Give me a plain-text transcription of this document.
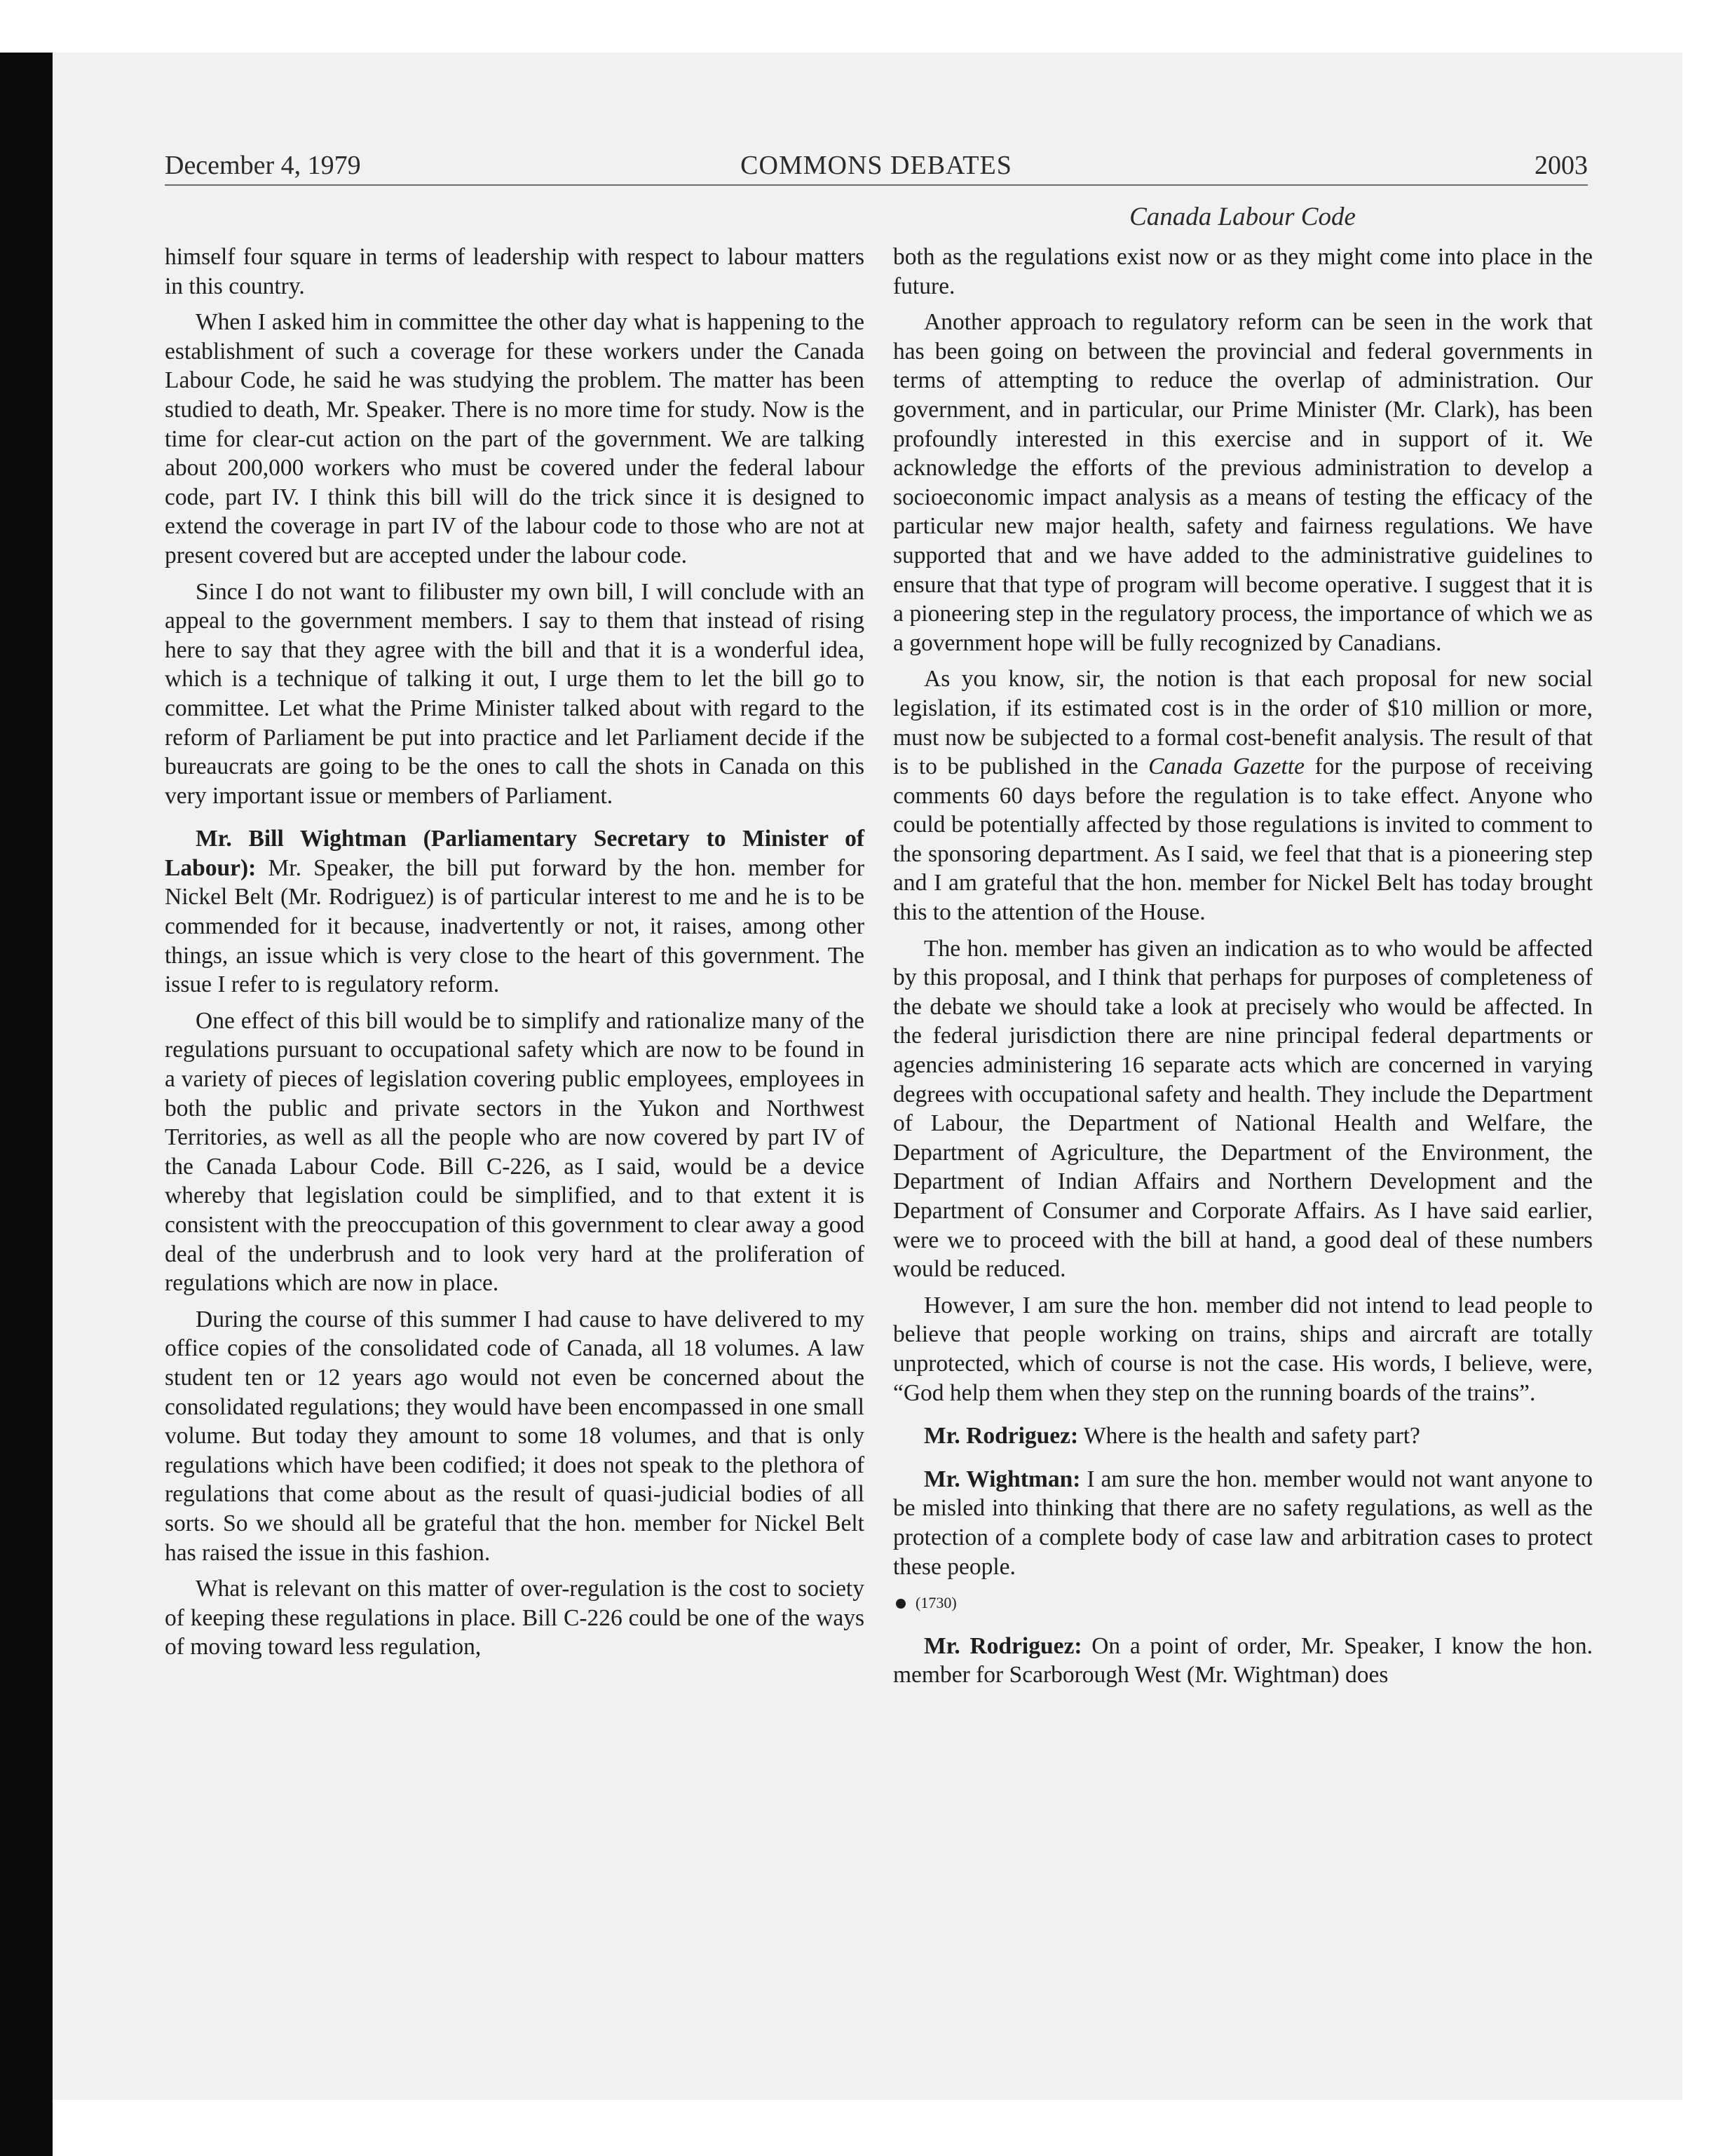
December 4, 1979	COMMONS DEBATES	2003
Canada Labour Code

himself four square in terms of leadership with respect to labour matters in this country.

When I asked him in committee the other day what is happening to the establishment of such a coverage for these workers under the Canada Labour Code, he said he was studying the problem. The matter has been studied to death, Mr. Speaker. There is no more time for study. Now is the time for clear-cut action on the part of the government. We are talking about 200,000 workers who must be covered under the federal labour code, part IV. I think this bill will do the trick since it is designed to extend the coverage in part IV of the labour code to those who are not at present covered but are accepted under the labour code.

Since I do not want to filibuster my own bill, I will conclude with an appeal to the government members. I say to them that instead of rising here to say that they agree with the bill and that it is a wonderful idea, which is a technique of talking it out, I urge them to let the bill go to committee. Let what the Prime Minister talked about with regard to the reform of Parliament be put into practice and let Parliament decide if the bureaucrats are going to be the ones to call the shots in Canada on this very important issue or members of Parliament.

Mr. Bill Wightman (Parliamentary Secretary to Minister of Labour): Mr. Speaker, the bill put forward by the hon. member for Nickel Belt (Mr. Rodriguez) is of particular interest to me and he is to be commended for it because, inadvertently or not, it raises, among other things, an issue which is very close to the heart of this government. The issue I refer to is regulatory reform.

One effect of this bill would be to simplify and rationalize many of the regulations pursuant to occupational safety which are now to be found in a variety of pieces of legislation covering public employees, employees in both the public and private sectors in the Yukon and Northwest Territories, as well as all the people who are now covered by part IV of the Canada Labour Code. Bill C-226, as I said, would be a device whereby that legislation could be simplified, and to that extent it is consistent with the preoccupation of this government to clear away a good deal of the underbrush and to look very hard at the proliferation of regulations which are now in place.

During the course of this summer I had cause to have delivered to my office copies of the consolidated code of Canada, all 18 volumes. A law student ten or 12 years ago would not even be concerned about the consolidated regulations; they would have been encompassed in one small volume. But today they amount to some 18 volumes, and that is only regulations which have been codified; it does not speak to the plethora of regulations that come about as the result of quasi-judicial bodies of all sorts. So we should all be grateful that the hon. member for Nickel Belt has raised the issue in this fashion.

What is relevant on this matter of over-regulation is the cost to society of keeping these regulations in place. Bill C-226 could be one of the ways of moving toward less regulation,

both as the regulations exist now or as they might come into place in the future.

Another approach to regulatory reform can be seen in the work that has been going on between the provincial and federal governments in terms of attempting to reduce the overlap of administration. Our government, and in particular, our Prime Minister (Mr. Clark), has been profoundly interested in this exercise and in support of it. We acknowledge the efforts of the previous administration to develop a socioeconomic impact analysis as a means of testing the efficacy of the particular new major health, safety and fairness regulations. We have supported that and we have added to the administrative guidelines to ensure that that type of program will become operative. I suggest that it is a pioneering step in the regulatory process, the importance of which we as a government hope will be fully recognized by Canadians.

As you know, sir, the notion is that each proposal for new social legislation, if its estimated cost is in the order of $10 million or more, must now be subjected to a formal cost-benefit analysis. The result of that is to be published in the Canada Gazette for the purpose of receiving comments 60 days before the regulation is to take effect. Anyone who could be potentially affected by those regulations is invited to comment to the sponsoring department. As I said, we feel that that is a pioneering step and I am grateful that the hon. member for Nickel Belt has today brought this to the attention of the House.

The hon. member has given an indication as to who would be affected by this proposal, and I think that perhaps for purposes of completeness of the debate we should take a look at precisely who would be affected. In the federal jurisdiction there are nine principal federal departments or agencies administering 16 separate acts which are concerned in varying degrees with occupational safety and health. They include the Department of Labour, the Department of National Health and Welfare, the Department of Agriculture, the Department of the Environment, the Department of Indian Affairs and Northern Development and the Department of Consumer and Corporate Affairs. As I have said earlier, were we to proceed with the bill at hand, a good deal of these numbers would be reduced.

However, I am sure the hon. member did not intend to lead people to believe that people working on trains, ships and aircraft are totally unprotected, which of course is not the case. His words, I believe, were, “God help them when they step on the running boards of the trains”.

Mr. Rodriguez: Where is the health and safety part?

Mr. Wightman: I am sure the hon. member would not want anyone to be misled into thinking that there are no safety regulations, as well as the protection of a complete body of case law and arbitration cases to protect these people.

(1730)

Mr. Rodriguez: On a point of order, Mr. Speaker, I know the hon. member for Scarborough West (Mr. Wightman) does
